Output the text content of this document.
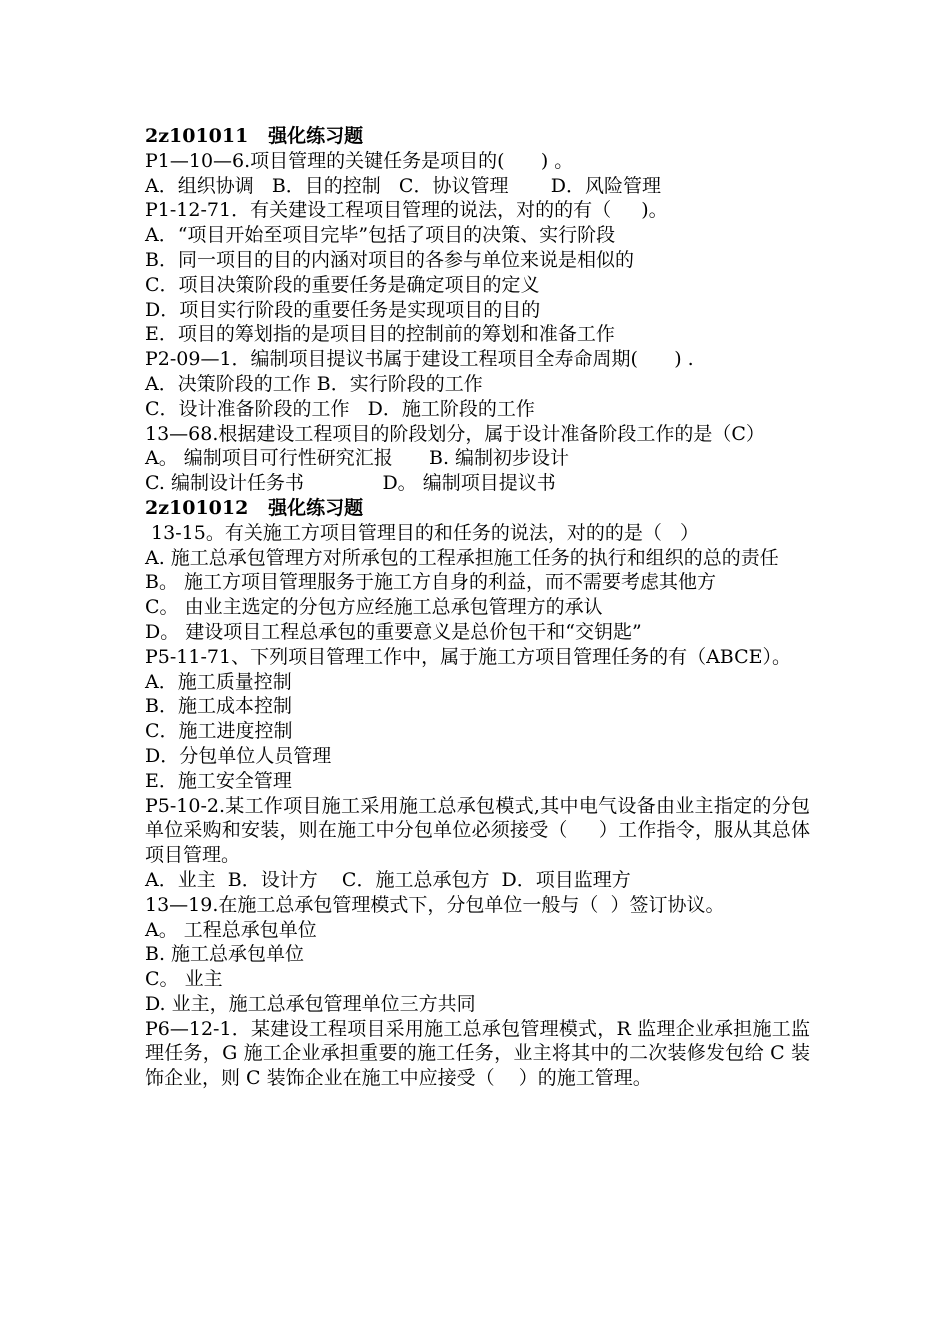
2z101011   强化练习题

P1—10—6.项目管理的关键任务是项目的(      ) 。

A．组织协调   B．目的控制   C．协议管理       D．风险管理

P1-12-71．有关建设工程项目管理的说法，对的的有（     )。

A．“项目开始至项目完毕”包括了项目的决策、实行阶段

B．同一项目的目的内涵对项目的各参与单位来说是相似的

C．项目决策阶段的重要任务是确定项目的定义

D．项目实行阶段的重要任务是实现项目的目的

E．项目的筹划指的是项目目的控制前的筹划和准备工作

P2-09—1．编制项目提议书属于建设工程项目全寿命周期(      ) .

A．决策阶段的工作 B．实行阶段的工作

C．设计准备阶段的工作   D．施工阶段的工作

13—68.根据建设工程项目的阶段划分，属于设计准备阶段工作的是（C）

A。 编制项目可行性研究汇报      B. 编制初步设计

C. 编制设计任务书             D。 编制项目提议书

2z101012   强化练习题

13-15。有关施工方项目管理目的和任务的说法，对的的是（   ）

A. 施工总承包管理方对所承包的工程承担施工任务的执行和组织的总的责任

B。 施工方项目管理服务于施工方自身的利益，而不需要考虑其他方

C。 由业主选定的分包方应经施工总承包管理方的承认

D。 建设项目工程总承包的重要意义是总价包干和“交钥匙”

P5-11-71、下列项目管理工作中，属于施工方项目管理任务的有（ABCE）。

A．施工质量控制

B．施工成本控制

C．施工进度控制

D．分包单位人员管理

E．施工安全管理

P5-10-2.某工作项目施工采用施工总承包模式,其中电气设备由业主指定的分包单位采购和安装，则在施工中分包单位必须接受（     ）工作指令，服从其总体项目管理。

A．业主  B．设计方    C．施工总承包方  D．项目监理方

13—19.在施工总承包管理模式下，分包单位一般与（  ）签订协议。

A。 工程总承包单位

B. 施工总承包单位

C。 业主

D. 业主，施工总承包管理单位三方共同

P6—12-1．某建设工程项目采用施工总承包管理模式，R 监理企业承担施工监理任务，G 施工企业承担重要的施工任务，业主将其中的二次装修发包给 C 装饰企业，则 C 装饰企业在施工中应接受（    ）的施工管理。
